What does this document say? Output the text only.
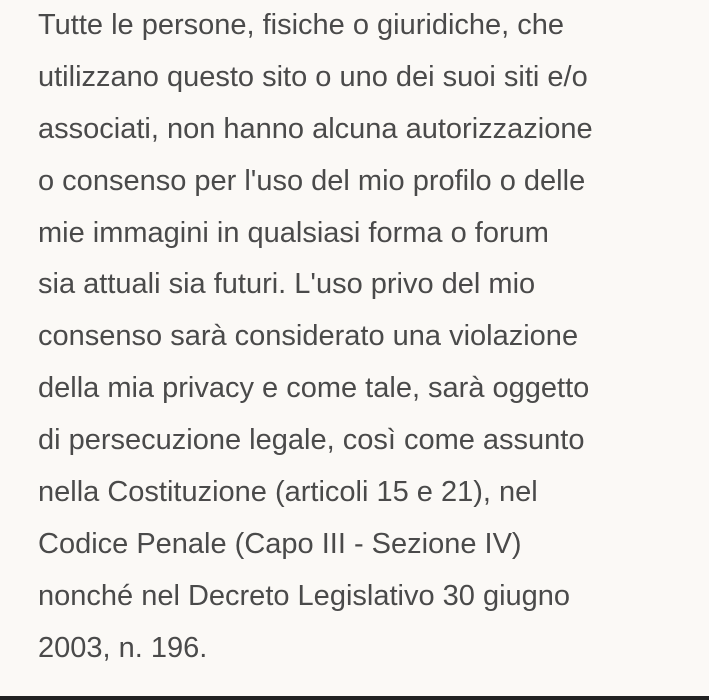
Tutte le persone, fisiche o giuridiche, che
utilizzano questo sito o uno dei suoi siti e/o
associati, non hanno alcuna autorizzazione
o consenso per l'uso del mio profilo o delle
mie immagini in qualsiasi forma o forum
sia attuali sia futuri. L'uso privo del mio
consenso sarà considerato una violazione
della mia privacy e come tale, sarà oggetto
di persecuzione legale, così come assunto
nella Costituzione (articoli 15 e 21), nel
Codice Penale (Capo III - Sezione IV)
nonché nel Decreto Legislativo 30 giugno
2003, n. 196.
